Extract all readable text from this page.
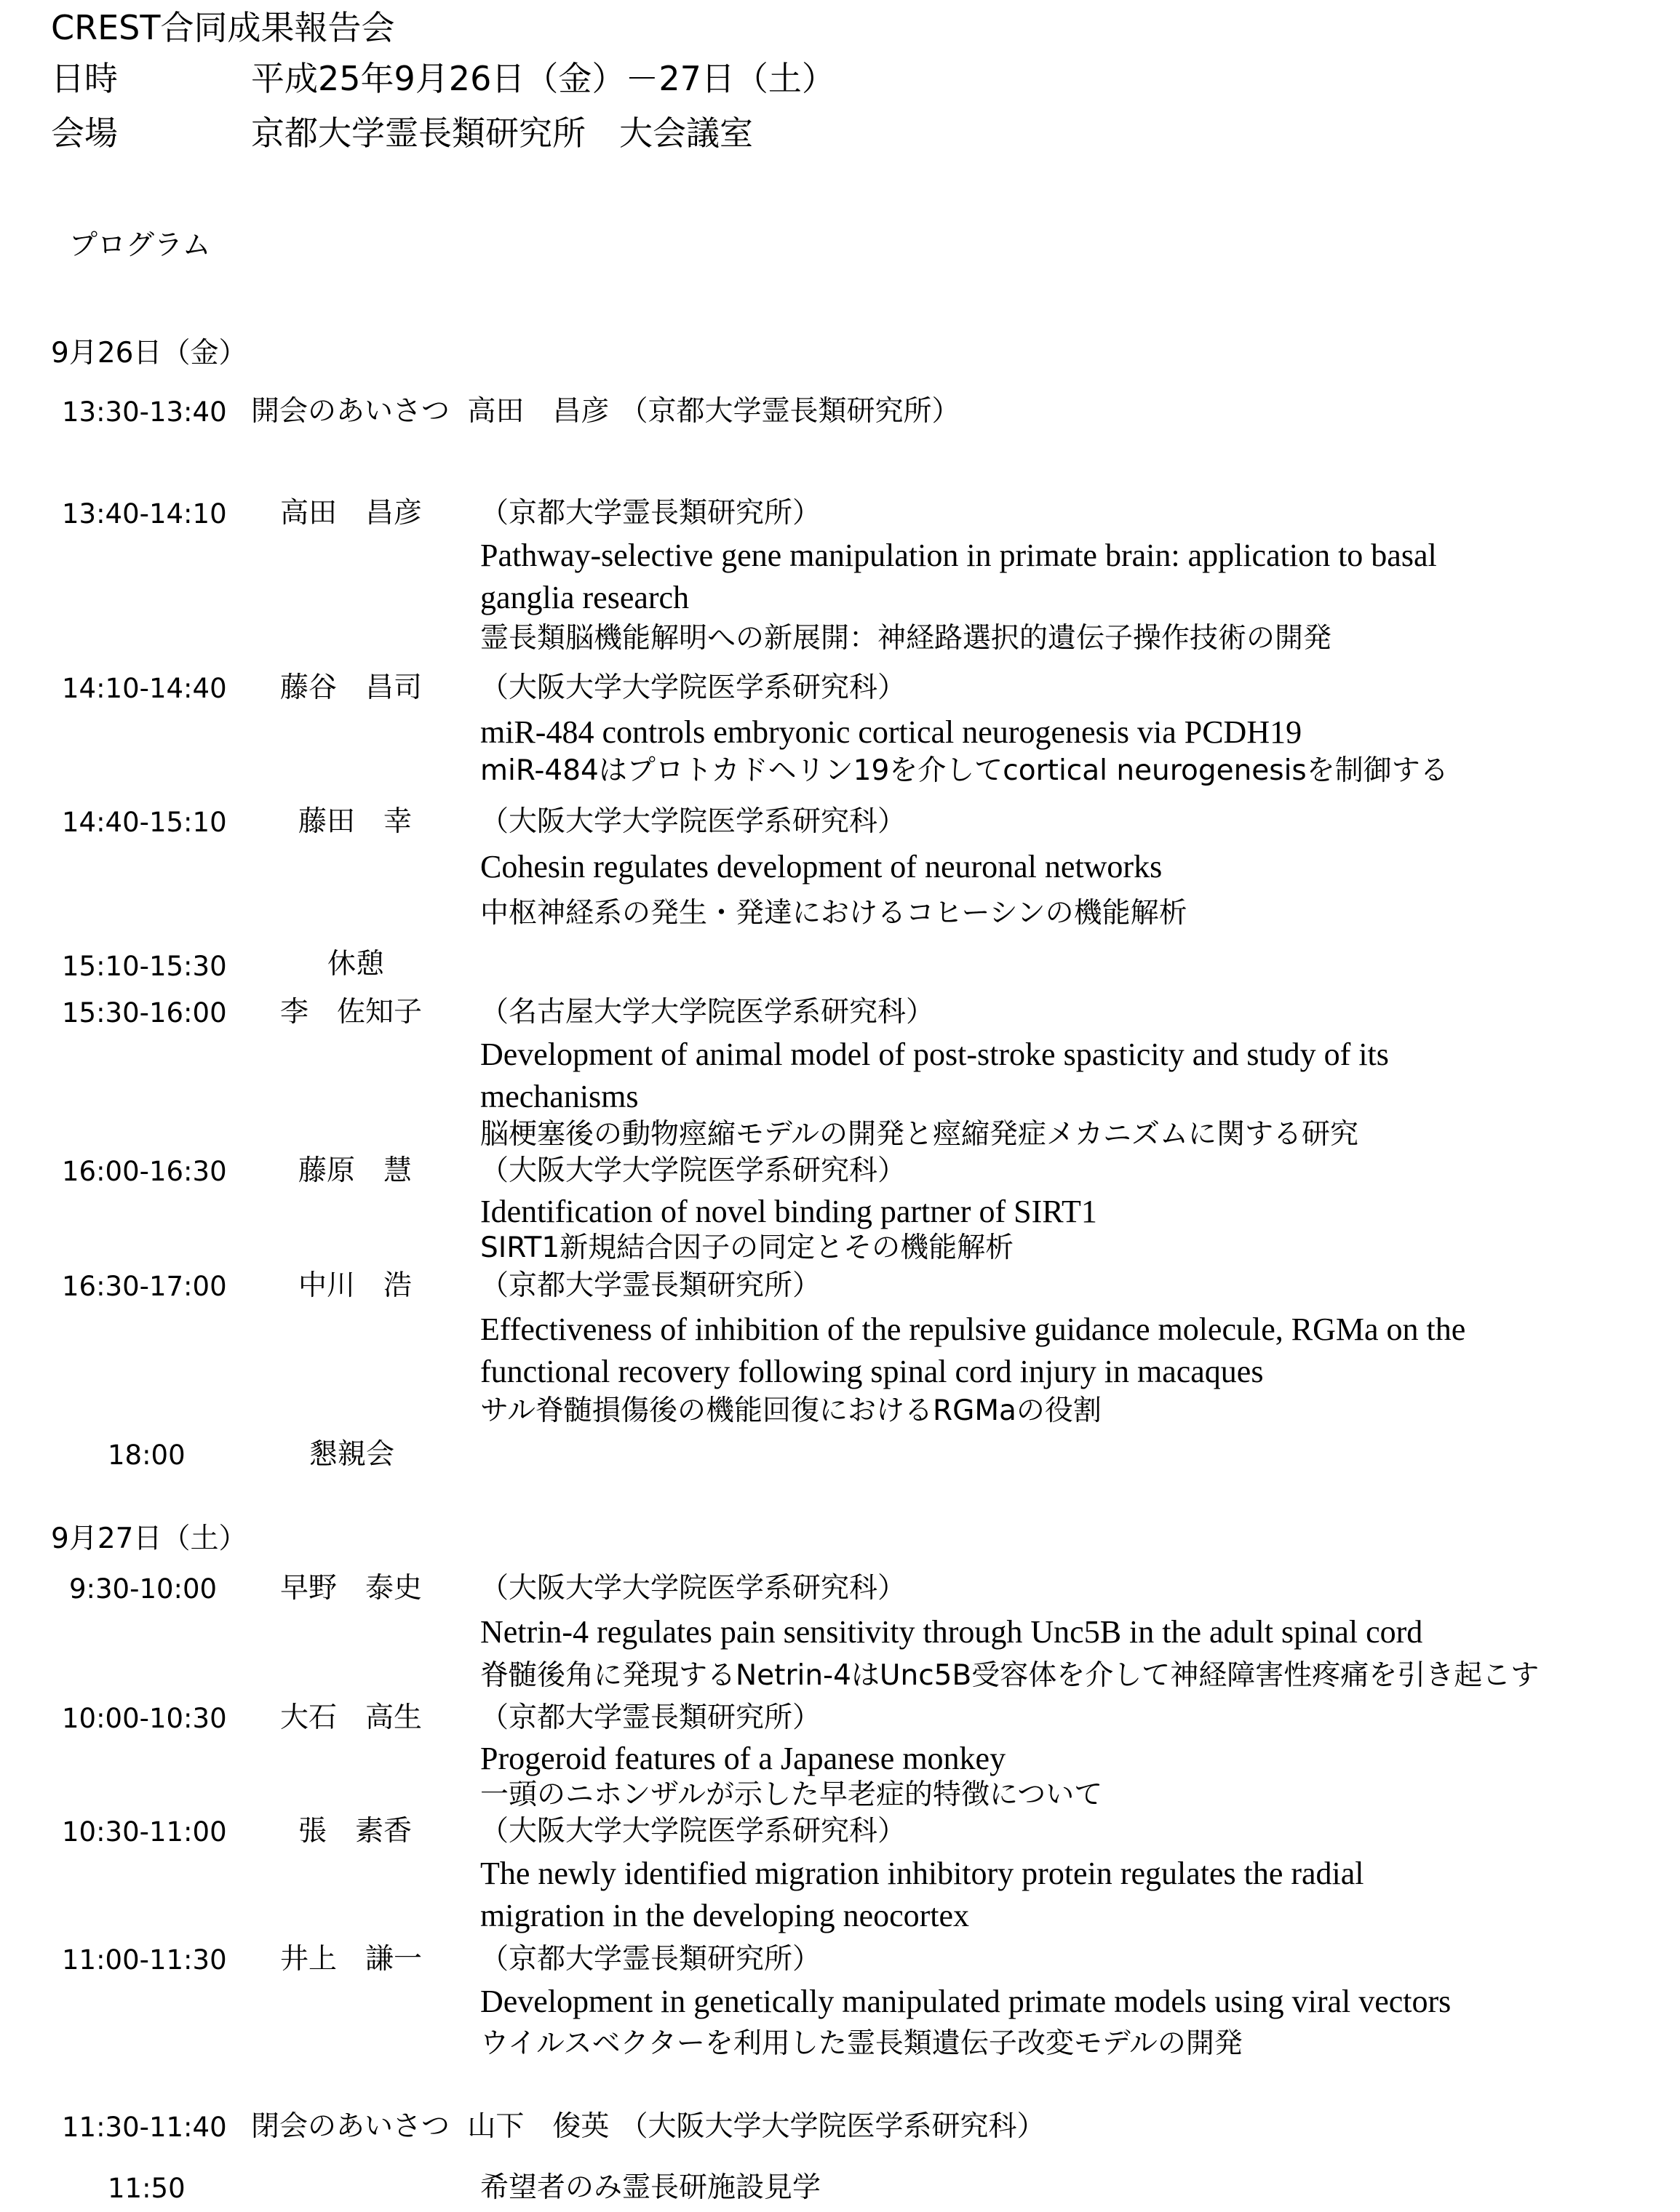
CREST合同成果報告会
日時	平成25年9月26日（金）－27日（土）
会場	京都大学霊長類研究所　大会議室
プログラム
9月26日（金）
13:30-13:40 開会のあいさつ 高田　昌彦 （京都大学霊長類研究所）
13:40-14:10 高田　昌彦	（京都大学霊長類研究所）
Pathway-selective gene manipulation in primate brain: application to basal
ganglia research
霊長類脳機能解明への新展開：神経路選択的遺伝子操作技術の開発
14:10-14:40 藤谷　昌司	（大阪大学大学院医学系研究科）
miR-484 controls embryonic cortical neurogenesis via PCDH19
miR-484はプロトカドヘリン19を介してcortical neurogenesisを制御する
14:40-15:10	藤田　幸	（大阪大学大学院医学系研究科）
Cohesin regulates development of neuronal networks
中枢神経系の発生・発達におけるコヒーシンの機能解析
15:10-15:30	休憩
15:30-16:00 李　佐知子	（名古屋大学大学院医学系研究科）
Development of animal model of post-stroke spasticity and study of its
mechanisms
脳梗塞後の動物痙縮モデルの開発と痙縮発症メカニズムに関する研究
16:00-16:30	藤原　慧	（大阪大学大学院医学系研究科）
Identification of novel binding partner of SIRT1
SIRT1新規結合因子の同定とその機能解析
16:30-17:00	中川　浩	（京都大学霊長類研究所）
Effectiveness of inhibition of the repulsive guidance molecule, RGMa on the
functional recovery following spinal cord injury in macaques
サル脊髄損傷後の機能回復におけるRGMaの役割
18:00	懇親会
9月27日（土）
9:30-10:00 早野　泰史	（大阪大学大学院医学系研究科）
Netrin-4 regulates pain sensitivity through Unc5B in the adult spinal cord
脊髄後角に発現するNetrin-4はUnc5B受容体を介して神経障害性疼痛を引き起こす
10:00-10:30 大石　高生	（京都大学霊長類研究所）
Progeroid features of a Japanese monkey
一頭のニホンザルが示した早老症的特徴について
10:30-11:00	張　素香	（大阪大学大学院医学系研究科）
The newly identified migration inhibitory protein regulates the radial
migration in the developing neocortex
11:00-11:30 井上　謙一	（京都大学霊長類研究所）
Development in genetically manipulated primate models using viral vectors
ウイルスベクターを利用した霊長類遺伝子改変モデルの開発
11:30-11:40 閉会のあいさつ 山下　俊英 （大阪大学大学院医学系研究科）
11:50	希望者のみ霊長研施設見学
